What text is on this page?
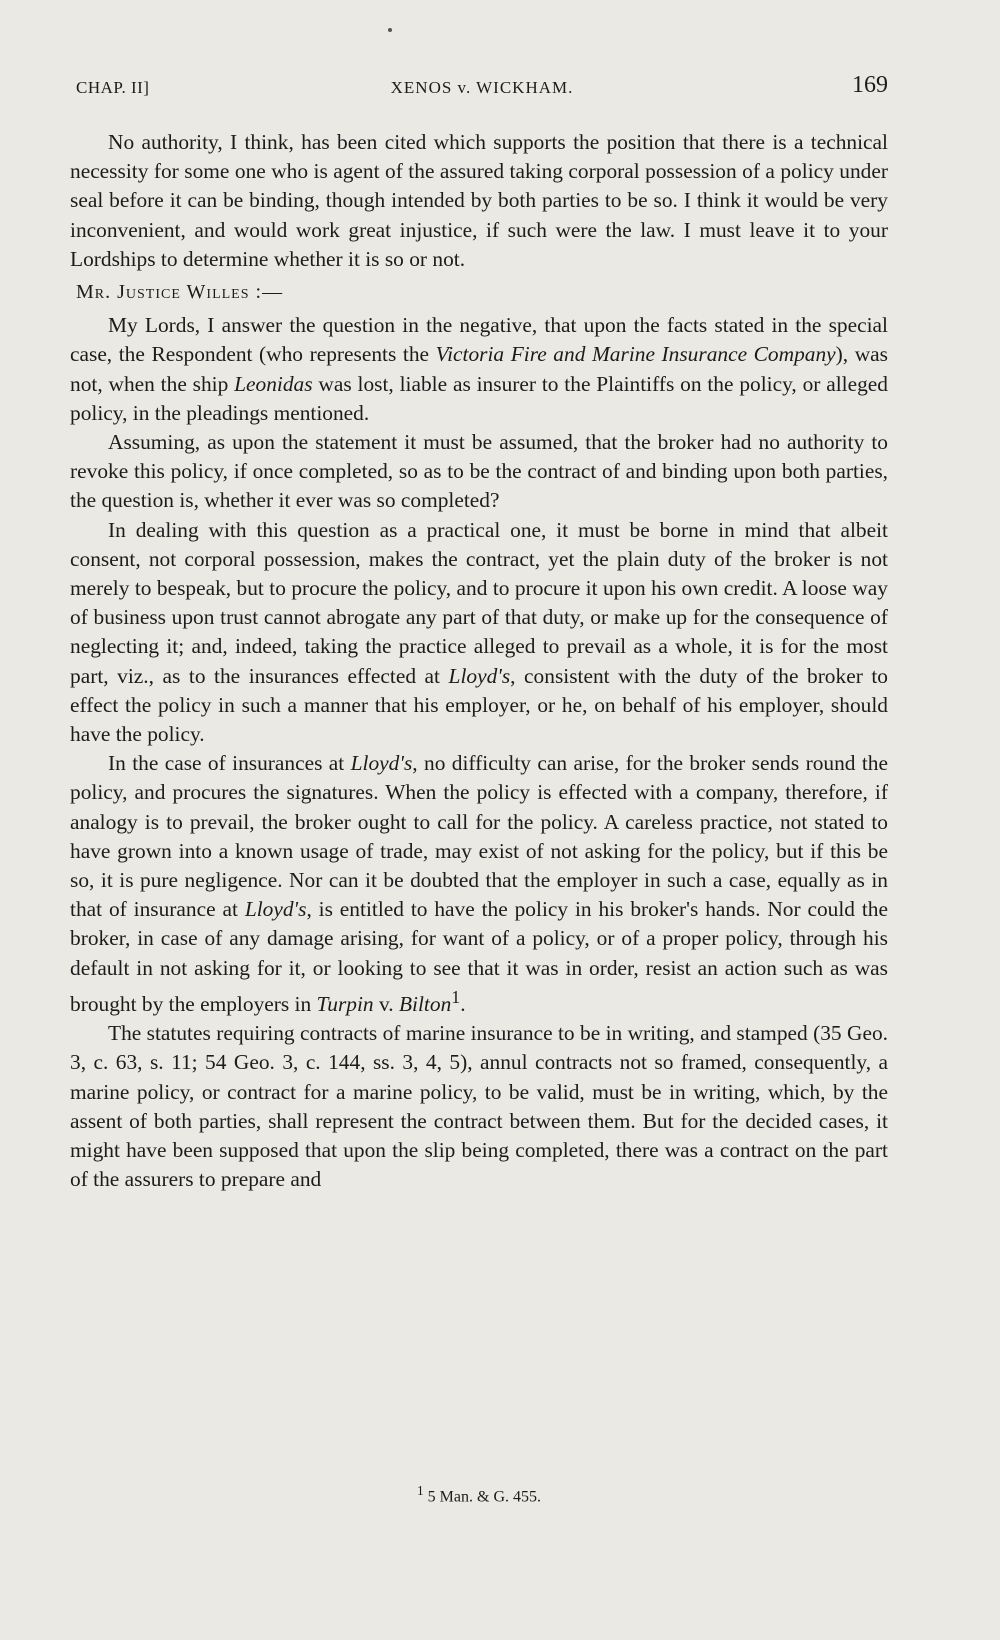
CHAP. II]	XENOS v. WICKHAM.	169

No authority, I think, has been cited which supports the position that there is a technical necessity for some one who is agent of the assured taking corporal possession of a policy under seal before it can be binding, though intended by both parties to be so. I think it would be very inconvenient, and would work great injustice, if such were the law. I must leave it to your Lordships to determine whether it is so or not.

Mr. Justice Willes :—

My Lords, I answer the question in the negative, that upon the facts stated in the special case, the Respondent (who represents the Victoria Fire and Marine Insurance Company), was not, when the ship Leonidas was lost, liable as insurer to the Plaintiffs on the policy, or alleged policy, in the pleadings mentioned.

Assuming, as upon the statement it must be assumed, that the broker had no authority to revoke this policy, if once completed, so as to be the contract of and binding upon both parties, the question is, whether it ever was so completed?

In dealing with this question as a practical one, it must be borne in mind that albeit consent, not corporal possession, makes the contract, yet the plain duty of the broker is not merely to bespeak, but to procure the policy, and to procure it upon his own credit. A loose way of business upon trust cannot abrogate any part of that duty, or make up for the consequence of neglecting it; and, indeed, taking the practice alleged to prevail as a whole, it is for the most part, viz., as to the insurances effected at Lloyd's, consistent with the duty of the broker to effect the policy in such a manner that his employer, or he, on behalf of his employer, should have the policy.

In the case of insurances at Lloyd's, no difficulty can arise, for the broker sends round the policy, and procures the signatures. When the policy is effected with a company, therefore, if analogy is to prevail, the broker ought to call for the policy. A careless practice, not stated to have grown into a known usage of trade, may exist of not asking for the policy, but if this be so, it is pure negligence. Nor can it be doubted that the employer in such a case, equally as in that of insurance at Lloyd's, is entitled to have the policy in his broker's hands. Nor could the broker, in case of any damage arising, for want of a policy, or of a proper policy, through his default in not asking for it, or looking to see that it was in order, resist an action such as was brought by the employers in Turpin v. Bilton$^1$.

The statutes requiring contracts of marine insurance to be in writing, and stamped (35 Geo. 3, c. 63, s. 11; 54 Geo. 3, c. 144, ss. 3, 4, 5), annul contracts not so framed, consequently, a marine policy, or contract for a marine policy, to be valid, must be in writing, which, by the assent of both parties, shall represent the contract between them. But for the decided cases, it might have been supposed that upon the slip being completed, there was a contract on the part of the assurers to prepare and

$^1$ 5 Man. & G. 455.
